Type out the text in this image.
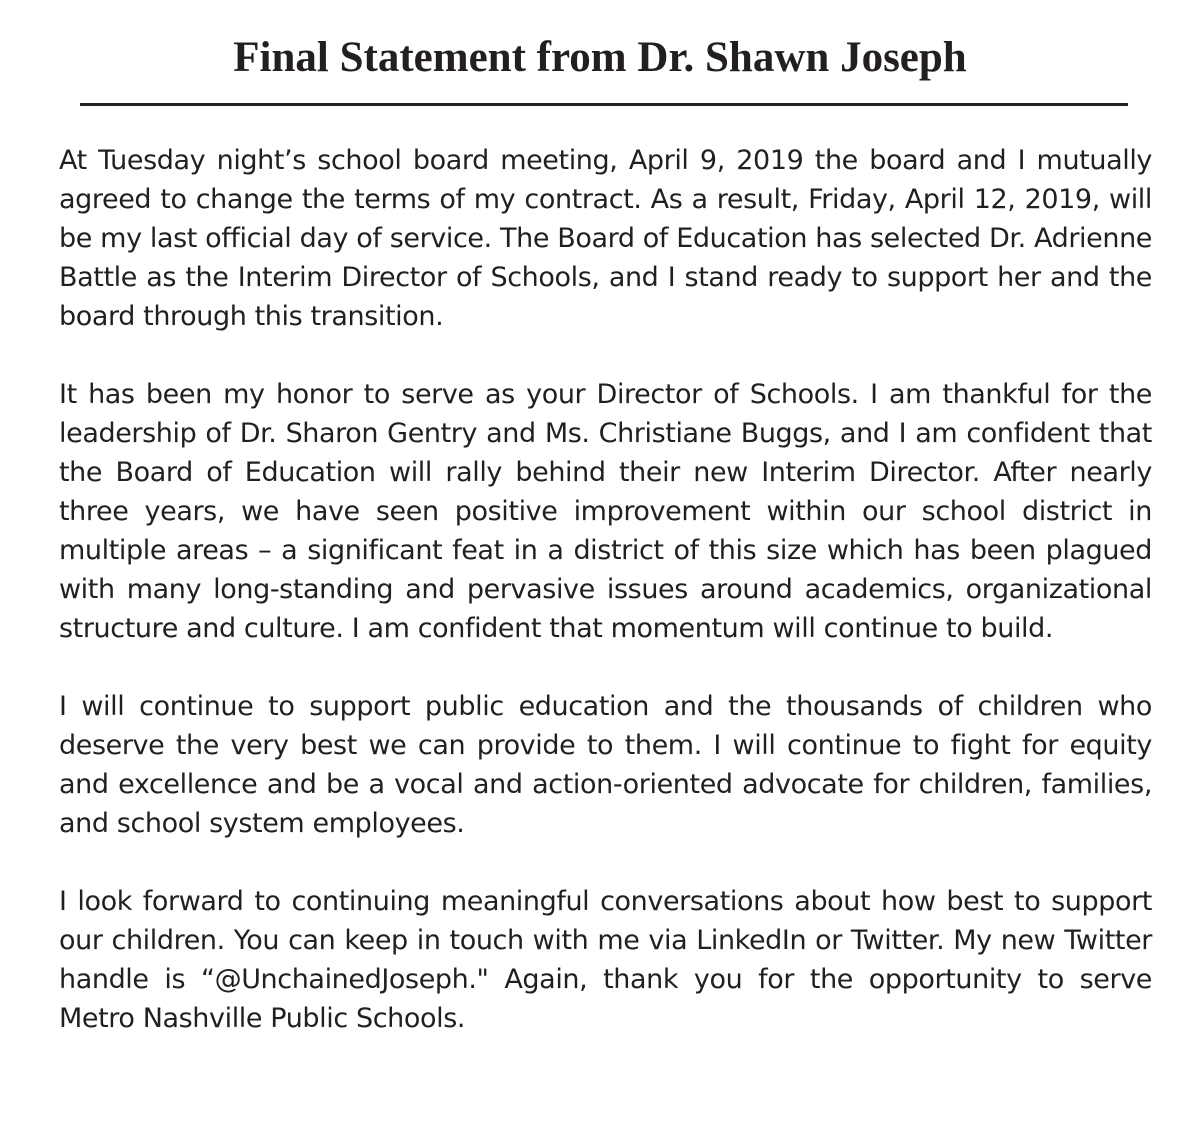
Final Statement from Dr. Shawn Joseph

At Tuesday night’s school board meeting, April 9, 2019 the board and I mutually agreed to change the terms of my contract. As a result, Friday, April 12, 2019, will be my last official day of service. The Board of Education has selected Dr. Adrienne Battle as the Interim Director of Schools, and I stand ready to support her and the board through this transition.

It has been my honor to serve as your Director of Schools. I am thankful for the leadership of Dr. Sharon Gentry and Ms. Christiane Buggs, and I am confident that the Board of Education will rally behind their new Interim Director. After nearly three years, we have seen positive improvement within our school district in multiple areas – a significant feat in a district of this size which has been plagued with many long-standing and pervasive issues around academics, organizational structure and culture. I am confident that momentum will continue to build.

I will continue to support public education and the thousands of children who deserve the very best we can provide to them. I will continue to fight for equity and excellence and be a vocal and action-oriented advocate for children, families, and school system employees.

I look forward to continuing meaningful conversations about how best to support our children. You can keep in touch with me via LinkedIn or Twitter. My new Twitter handle is “@UnchainedJoseph." Again, thank you for the opportunity to serve Metro Nashville Public Schools.
